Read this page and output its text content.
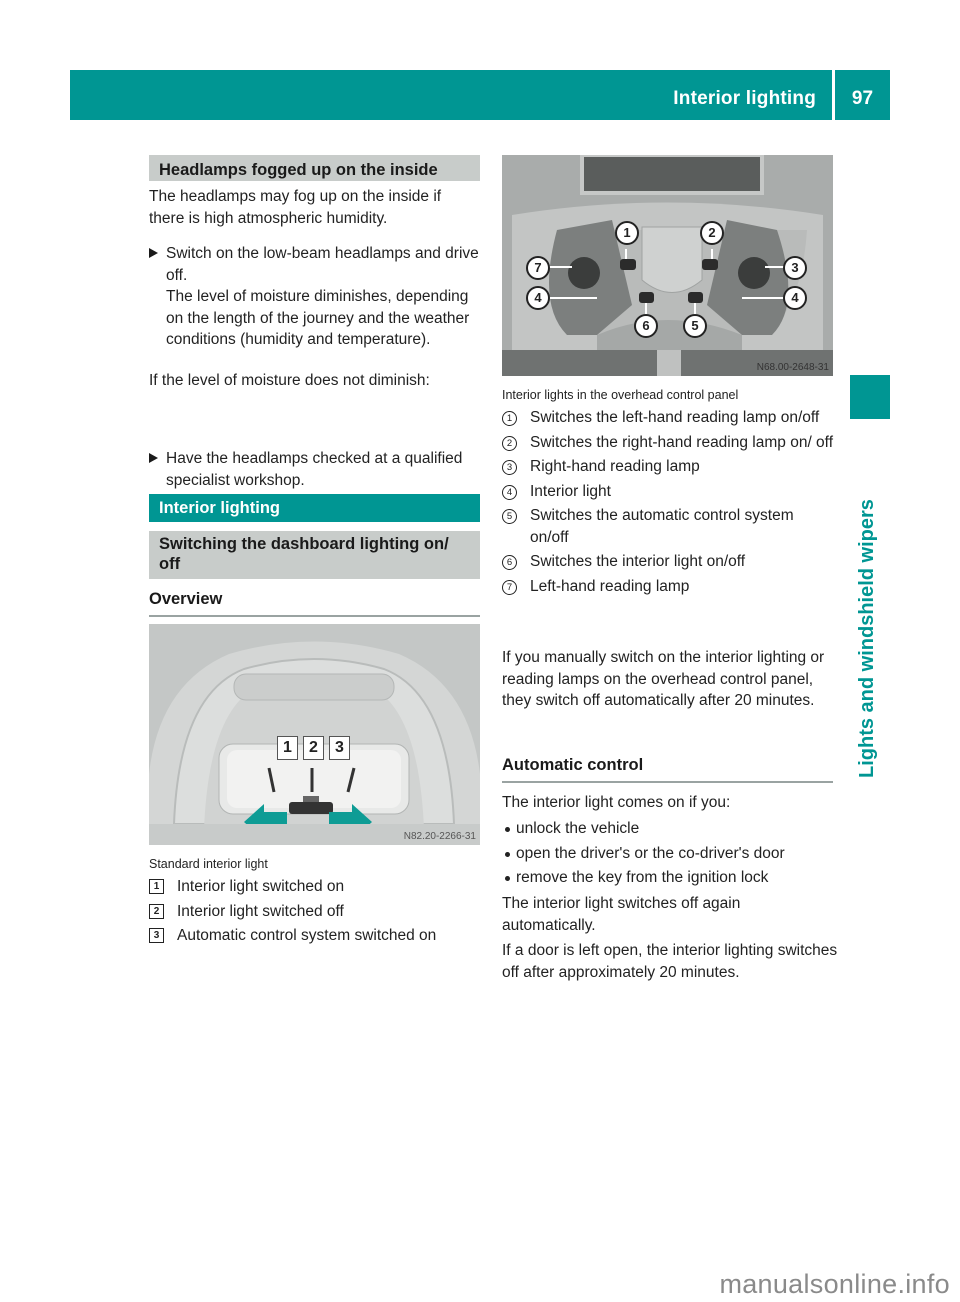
Interior lighting	97
Lights and windshield wipers
Headlamps fogged up on the inside
The headlamps may fog up on the inside if there is high atmospheric humidity.
Switch on the low-beam headlamps and drive off.
The level of moisture diminishes, depending on the length of the journey and the weather conditions (humidity and temperature).
If the level of moisture does not diminish:
Have the headlamps checked at a qualified specialist workshop.
Interior lighting
Switching the dashboard lighting on/ off
Overview
1	2	3
N82.20-2266-31
Standard interior light
1	Interior light switched on
2	Interior light switched off
3	Automatic control system switched on
1	2
3
4
4
5
6
7
N68.00-2648-31
Interior lights in the overhead control panel
1	Switches the left-hand reading lamp on/off
2	Switches the right-hand reading lamp on/ off
3	Right-hand reading lamp
4	Interior light
5	Switches the automatic control system on/off
6	Switches the interior light on/off
7	Left-hand reading lamp
If you manually switch on the interior lighting or reading lamps on the overhead control panel, they switch off automatically after 20 minutes.
Automatic control
The interior light comes on if you:
unlock the vehicle
open the driver's or the co-driver's door
remove the key from the ignition lock
The interior light switches off again automatically.
If a door is left open, the interior lighting switches off after approximately 20 minutes.
manualsonline.info
